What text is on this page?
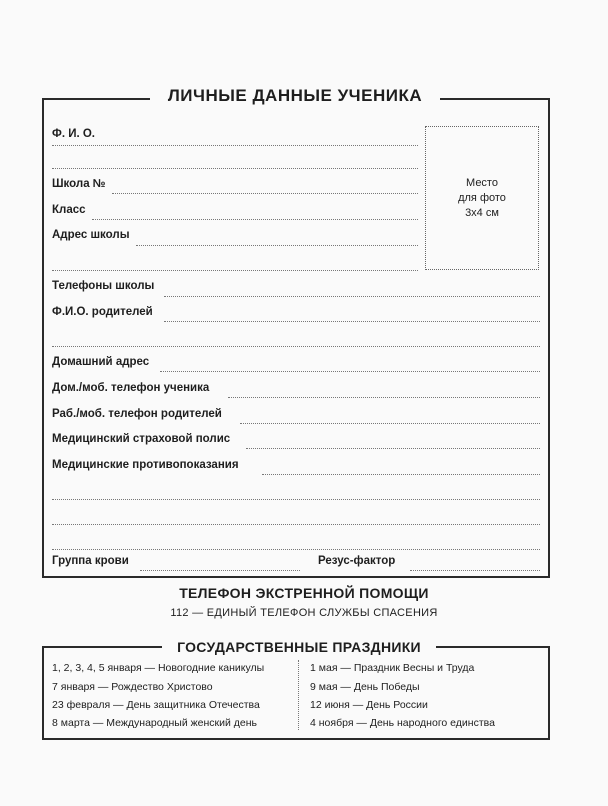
ЛИЧНЫЕ ДАННЫЕ УЧЕНИКА
Место
для фото
3х4 см
Ф. И. О.
Школа №
Класс
Адрес школы
Телефоны школы
Ф.И.О. родителей
Домашний адрес
Дом./моб. телефон ученика
Раб./моб. телефон родителей
Медицинский страховой полис
Медицинские противопоказания
Группа крови	Резус-фактор
ТЕЛЕФОН ЭКСТРЕННОЙ ПОМОЩИ
112 — ЕДИНЫЙ ТЕЛЕФОН СЛУЖБЫ СПАСЕНИЯ
ГОСУДАРСТВЕННЫЕ ПРАЗДНИКИ
1, 2, 3, 4, 5 января — Новогодние каникулы
7 января — Рождество Христово
23 февраля — День защитника Отечества
8 марта — Международный женский день
1 мая — Праздник Весны и Труда
9 мая — День Победы
12 июня — День России
4 ноября — День народного единства
